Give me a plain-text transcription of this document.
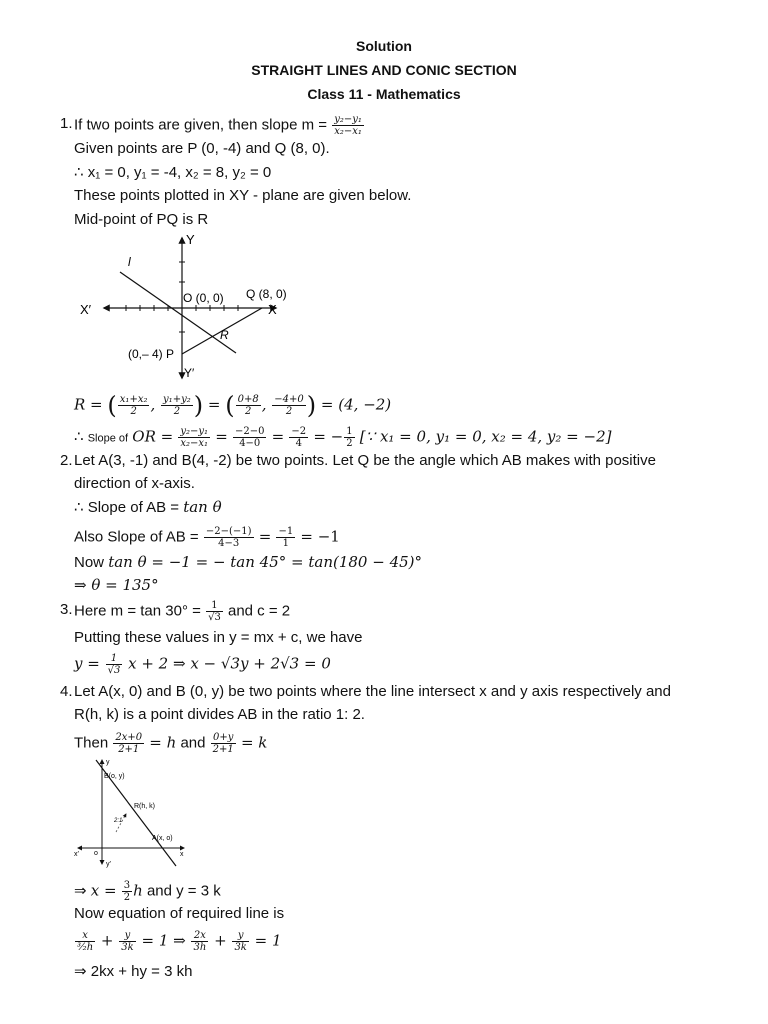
Solution
STRAIGHT LINES AND CONIC SECTION
Class 11 - Mathematics
1. If two points are given, then slope $m = \frac{\text{y₂−y₁}}{\text{x₂−x₁}}$
Given points are P (0, -4) and Q (8, 0).
∴ x₁ = 0, y₁ = -4, x₂ = 8, y₂ = 0
These points plotted in XY - plane are given below.
Mid-point of PQ is R
Y
Y′
X
X′
l
O (0, 0) Q (8, 0)
R
(0,– 4) P
R = ( $\frac{\text{x₁+x₂}}{2}$ , $\frac{\text{y₁+y₂}}{2}$ ) = ( $\frac{0+8}{2}$ , $\frac{-4+0}{2}$ ) = (4, −2)
∴ Slope of OR = $\frac{\text{y₂−y₁}}{\text{x₂−x₁}} = \frac{-2-0}{4-0} = \frac{-2}{4}$ = − $\frac{1}{2}$ [∵ x₁ = 0, y₁ = 0, x₂ = 4, y₂ = −2]
2. Let A(3, -1) and B(4, -2) be two points. Let Q be the angle which AB makes with positive
direction of x-axis.
∴ Slope of AB = tan θ
Also Slope of AB = $\frac{-2-(-1)}{4-3} = \frac{-1}{1} = -1$
Now tan θ = −1 = − tan 45° = tan(180 − 45)°
⇒ θ = 135°
3. Here $m = \tan 30^\circ = \frac{1}{√3}$ and c = 2
Putting these values in y = mx + c, we have
$y = \frac{1}{√3}$ x + 2 ⇒ x − √3y + 2√3 = 0
4. Let A(x, 0) and B (0, y) be two points where the line intersect x and y axis respectively and
R(h, k) is a point divides AB in the ratio 1: 2.
Then $\frac{2x+0}{2+1} = h$ and $\frac{0+y}{2+1} = k$
y
y′
x
x′ o
B(o, y)
R(h, k)
A(x, o)
2:1
⇒ $x = \frac{3}{2}$ h and y = 3 k
Now equation of required line is
$\frac{x}{\text{³⁄₂h}} + \frac{y}{3k} = 1$ ⇒ $\frac{2x}{3h} + \frac{y}{3k} = 1$
⇒ 2kx + hy = 3 kh
